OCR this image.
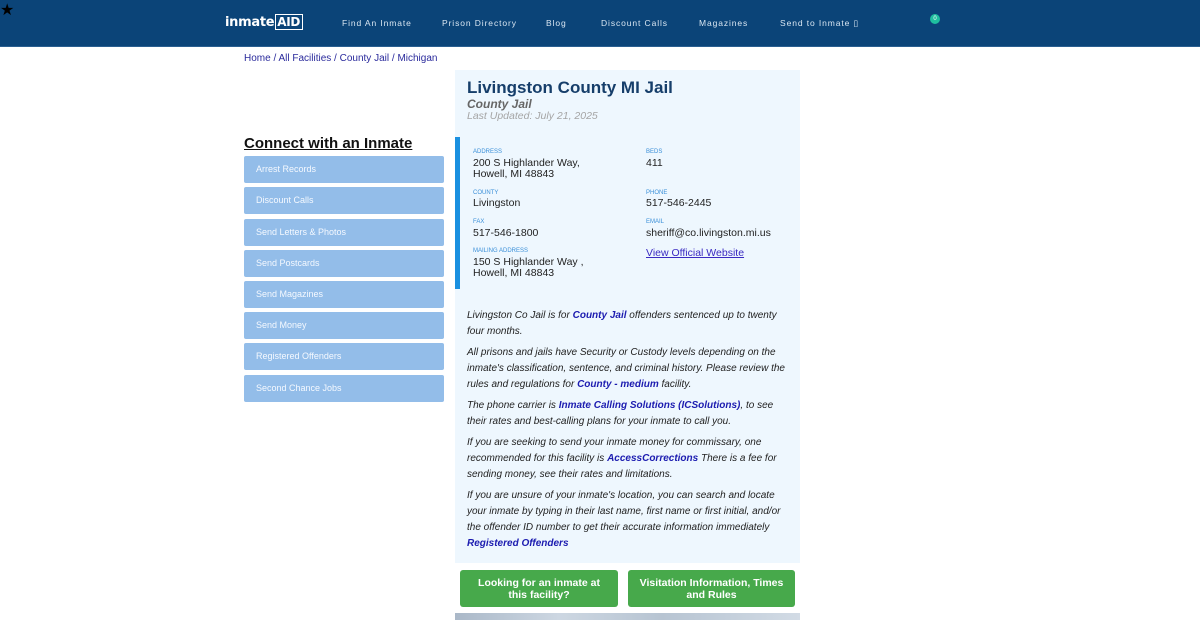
inmate AID
★
Find An Inmate	Prison Directory	Blog	Discount Calls	Magazines	Send to Inmate ▯	0
Home / All Facilities / County Jail / Michigan
Connect with an Inmate
Arrest Records
Discount Calls
Send Letters & Photos
Send Postcards
Send Magazines
Send Money
Registered Offenders
Second Chance Jobs
Livingston County MI Jail
County Jail
Last Updated: July 21, 2025
ADDRESS
200 S Highlander Way,
Howell, MI 48843
BEDS
411
COUNTY
Livingston
PHONE
517-546-2445
FAX
517-546-1800
EMAIL
sheriff@co.livingston.mi.us
MAILING ADDRESS
150 S Highlander Way ,
Howell, MI 48843
View Official Website
Livingston Co Jail is for County Jail offenders sentenced up to twenty four months.
All prisons and jails have Security or Custody levels depending on the inmate's classification, sentence, and criminal history. Please review the rules and regulations for County - medium facility.
The phone carrier is Inmate Calling Solutions (ICSolutions), to see their rates and best-calling plans for your inmate to call you.
If you are seeking to send your inmate money for commissary, one recommended for this facility is AccessCorrections There is a fee for sending money, see their rates and limitations.
If you are unsure of your inmate's location, you can search and locate your inmate by typing in their last name, first name or first initial, and/or the offender ID number to get their accurate information immediately Registered Offenders
Looking for an inmate at this facility?
Visitation Information, Times and Rules
